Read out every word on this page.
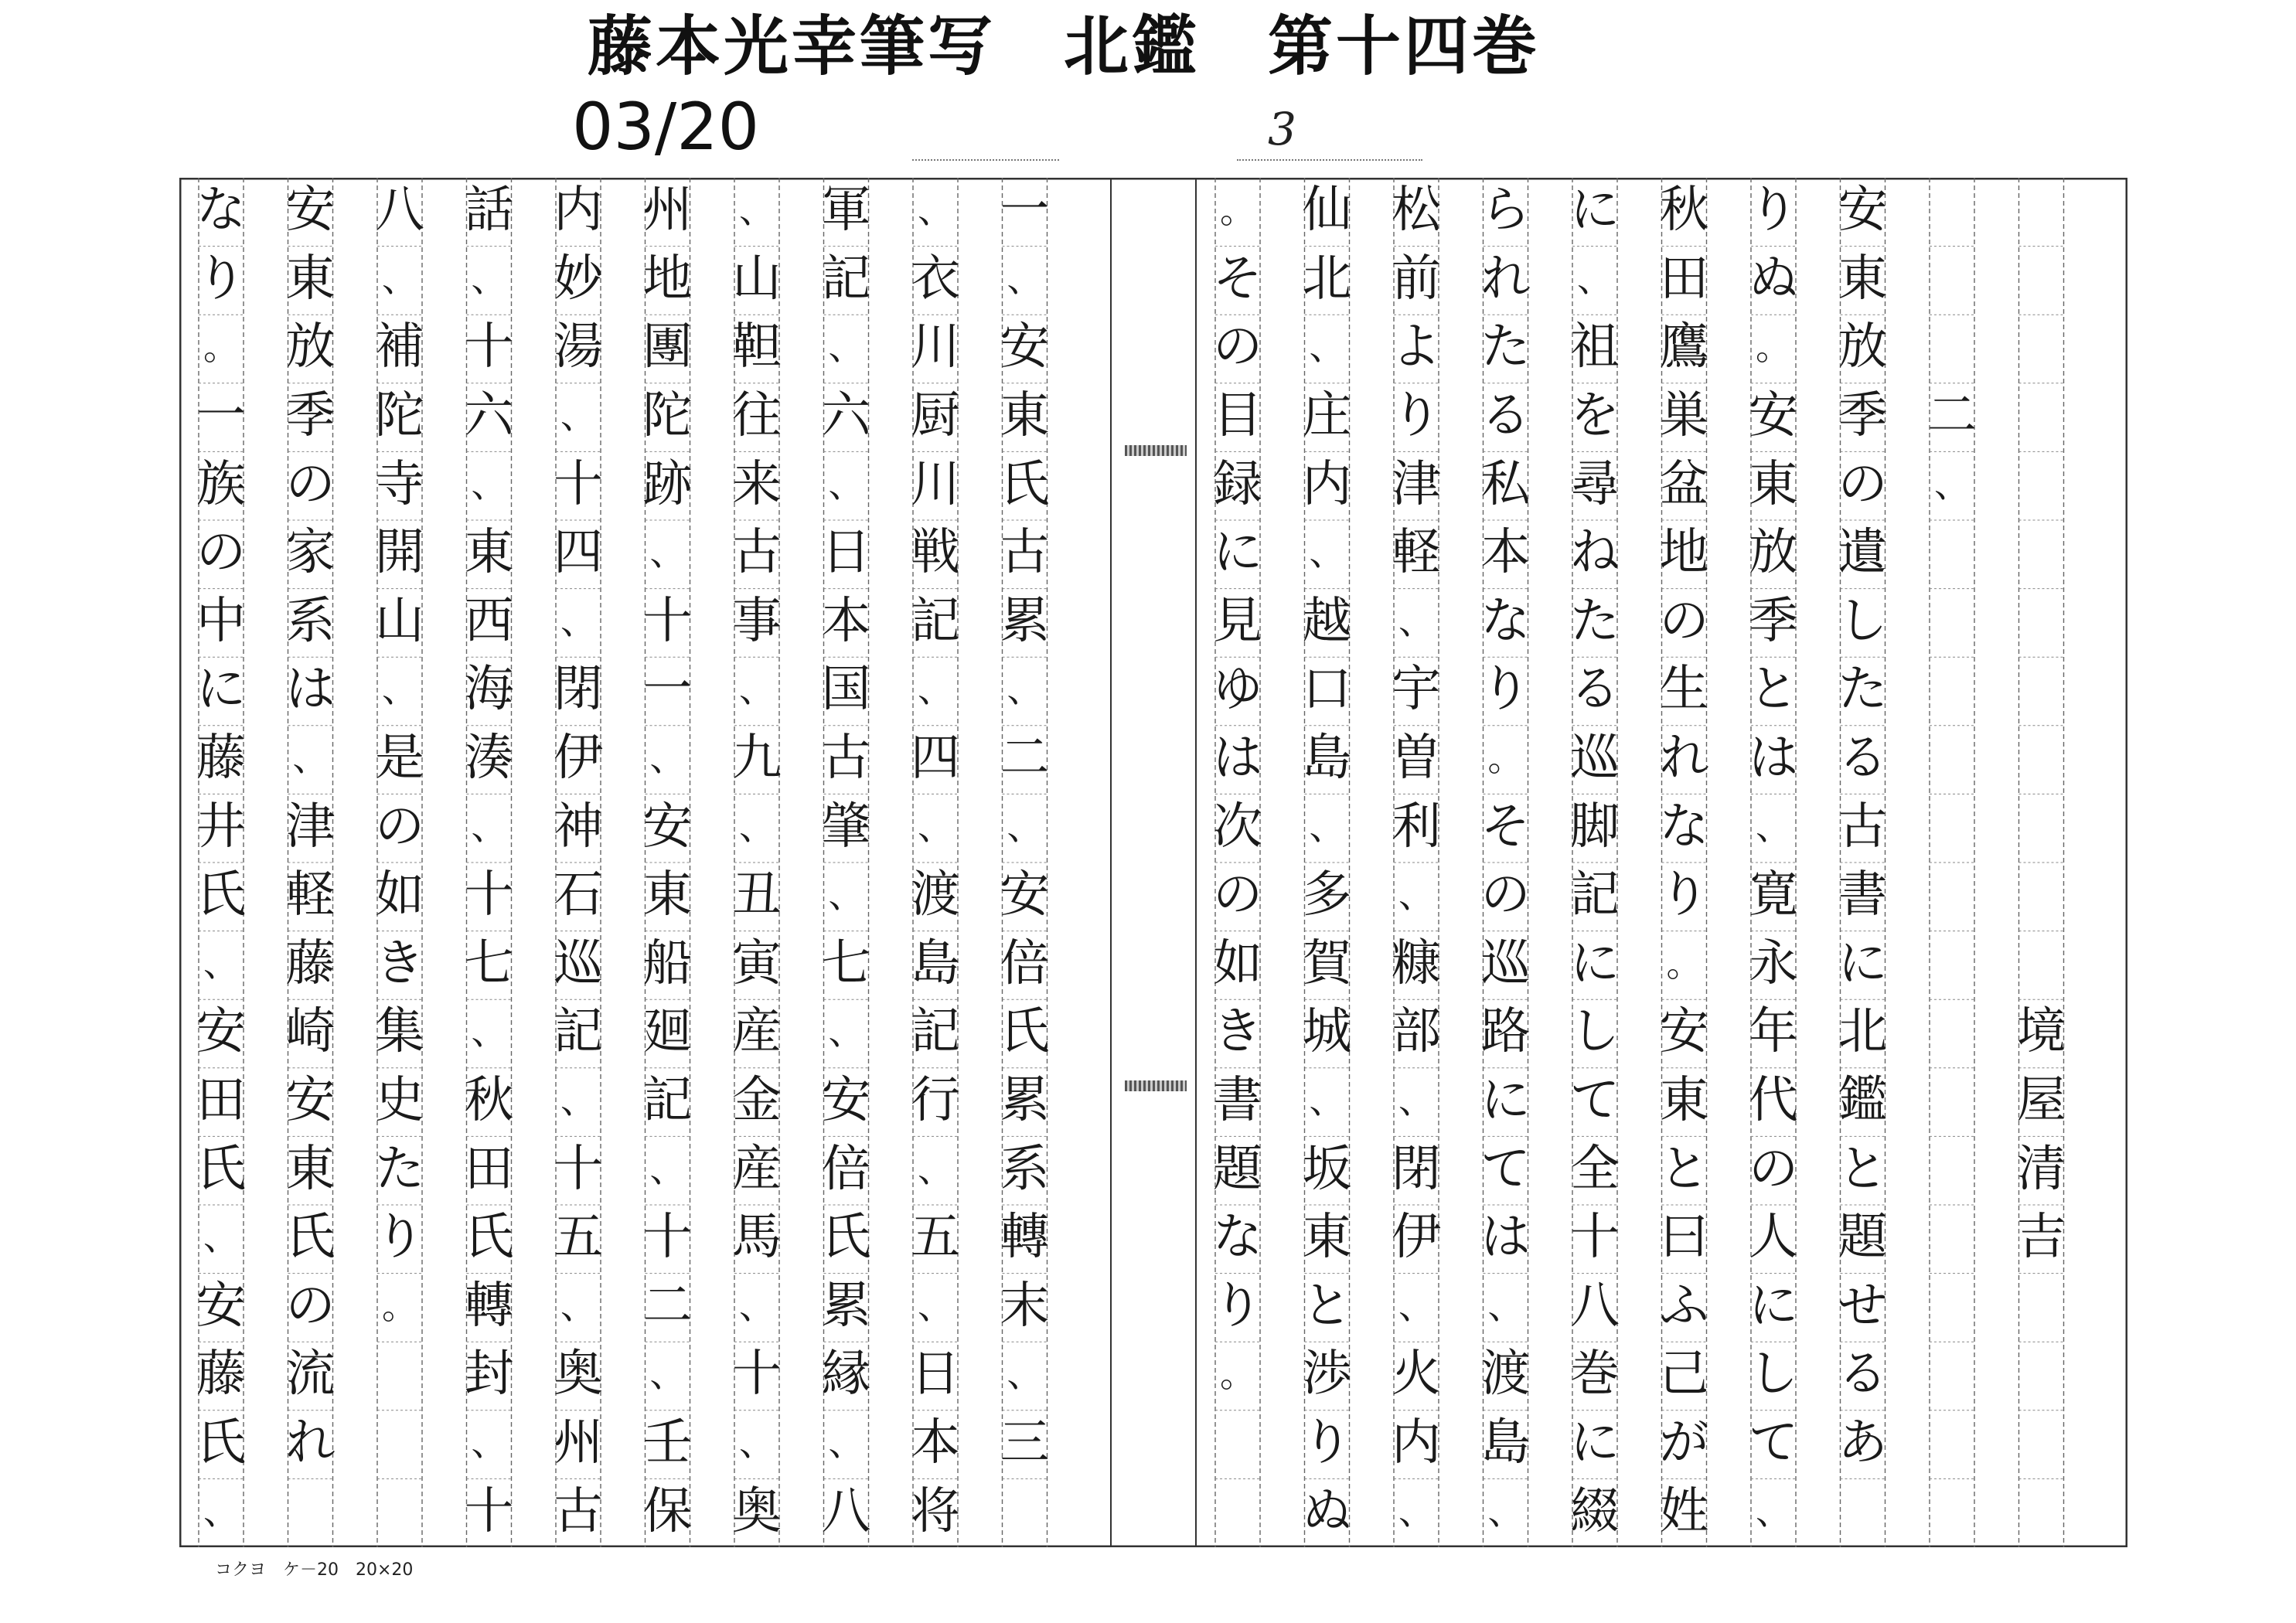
藤本光幸筆写　北鑑　第十四巻
03/20	3
境
屋
清
吉
二
、
安
東
放
季
の
遺
し
た
る
古
書
に
北
鑑
と
題
せ
る
あ
り
ぬ
。
安
東
放
季
と
は
、
寛
永
年
代
の
人
に
し
て
、
秋
田
鷹
巣
盆
地
の
生
れ
な
り
。
安
東
と
曰
ふ
己
が
姓
に
、
祖
を
尋
ね
た
る
巡
脚
記
に
し
て
全
十
八
巻
に
綴
ら
れ
た
る
私
本
な
り
。
そ
の
巡
路
に
て
は
、
渡
島
、
松
前
よ
り
津
軽
、
宇
曽
利
、
糠
部
、
閉
伊
、
火
内
、
仙
北
、
庄
内
、
越
口
島
、
多
賀
城
、
坂
東
と
渉
り
ぬ
。
そ
の
目
録
に
見
ゆ
は
次
の
如
き
書
題
な
り
。
一
、
安
東
氏
古
累
、
二
、
安
倍
氏
累
系
轉
末
、
三
、
衣
川
厨
川
戦
記
、
四
、
渡
島
記
行
、
五
、
日
本
将
軍
記
、
六
、
日
本
国
古
肇
、
七
、
安
倍
氏
累
縁
、
八
、
山
靼
往
来
古
事
、
九
、
丑
寅
産
金
産
馬
、
十
、
奥
州
地
團
陀
跡
、
十
一
、
安
東
船
廻
記
、
十
二
、
壬
保
内
妙
湯
、
十
四
、
閉
伊
神
石
巡
記
、
十
五
、
奥
州
古
話
、
十
六
、
東
西
海
湊
、
十
七
、
秋
田
氏
轉
封
、
十
八
、
補
陀
寺
開
山
、
是
の
如
き
集
史
た
り
。
安
東
放
季
の
家
系
は
、
津
軽
藤
崎
安
東
氏
の
流
れ
な
り
。
一
族
の
中
に
藤
井
氏
、
安
田
氏
、
安
藤
氏
、
コクヨ　ケ－20　20×20
